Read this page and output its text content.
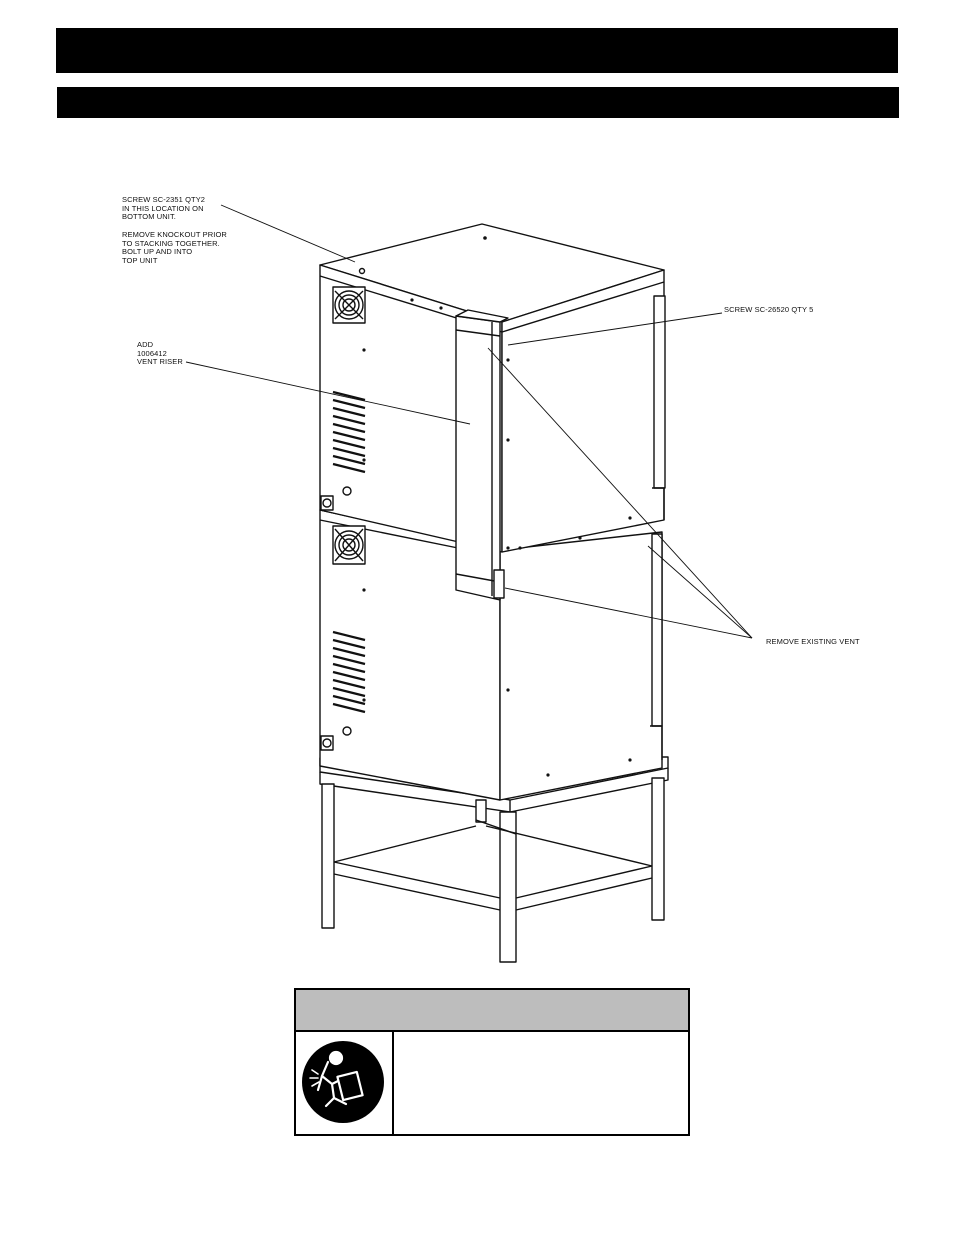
SCREW SC-2351 QTY2
IN THIS LOCATION ON
BOTTOM UNIT.
REMOVE KNOCKOUT PRIOR
TO STACKING TOGETHER.
BOLT UP AND INTO
TOP UNIT
ADD
1006412
VENT RISER
SCREW SC-26520 QTY 5
REMOVE EXISTING VENT
